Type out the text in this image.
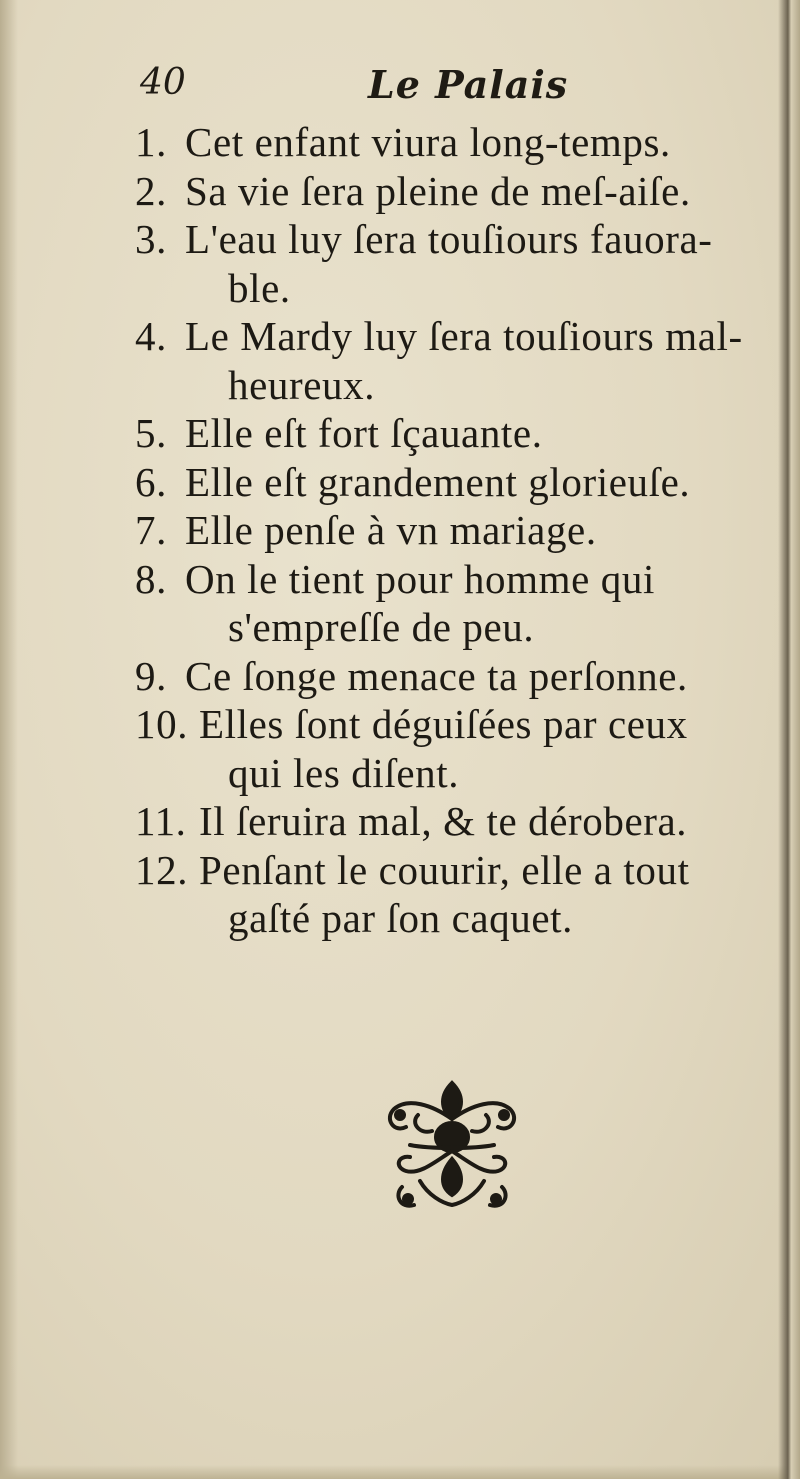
40	Le Palais
1. Cet enfant viura long-temps.
2. Sa vie ſera pleine de meſ-aiſe.
3. L'eau luy ſera touſiours fauora-
ble.
4. Le Mardy luy ſera touſiours mal-
heureux.
5. Elle eſt fort ſçauante.
6. Elle eſt grandement glorieuſe.
7. Elle penſe à vn mariage.
8. On le tient pour homme qui
s'empreſſe de peu.
9. Ce ſonge menace ta perſonne.
10. Elles ſont déguiſées par ceux
qui les diſent.
11. Il ſeruira mal, & te dérobera.
12. Penſant le couurir, elle a tout
gaſté par ſon caquet.
